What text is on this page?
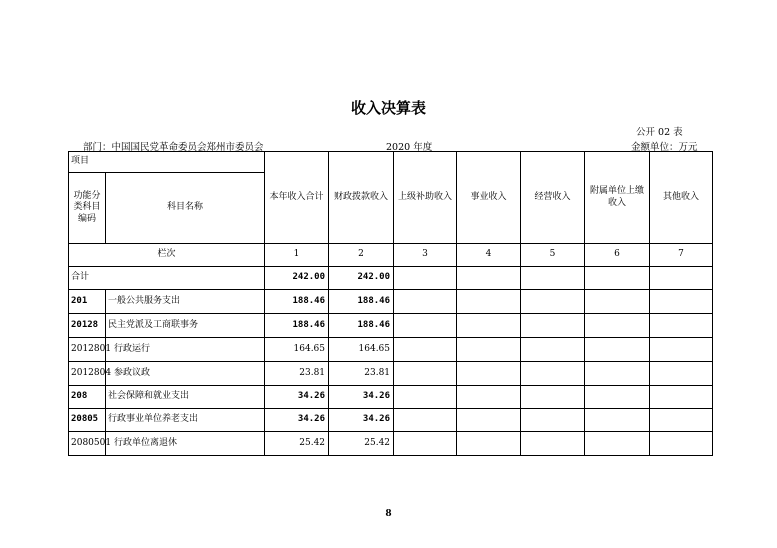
收入决算表
公开 02 表
部门：中国国民党革命委员会郑州市委员会	2020 年度	金额单位：万元
项目		本年收入合计	财政拨款收入	上级补助收入	事业收入	经营收入	附属单位上缴收入	其他收入
功能分类科目编码	科目名称							
栏次		1	2	3	4	5	6	7
合计		242.00	242.00					
201	一般公共服务支出	188.46	188.46					
20128	民主党派及工商联事务	188.46	188.46					
2012801	行政运行	164.65	164.65					
2012804	参政议政	23.81	23.81					
208	社会保障和就业支出	34.26	34.26					
20805	行政事业单位养老支出	34.26	34.26					
2080501	行政单位离退休	25.42	25.42					
8
